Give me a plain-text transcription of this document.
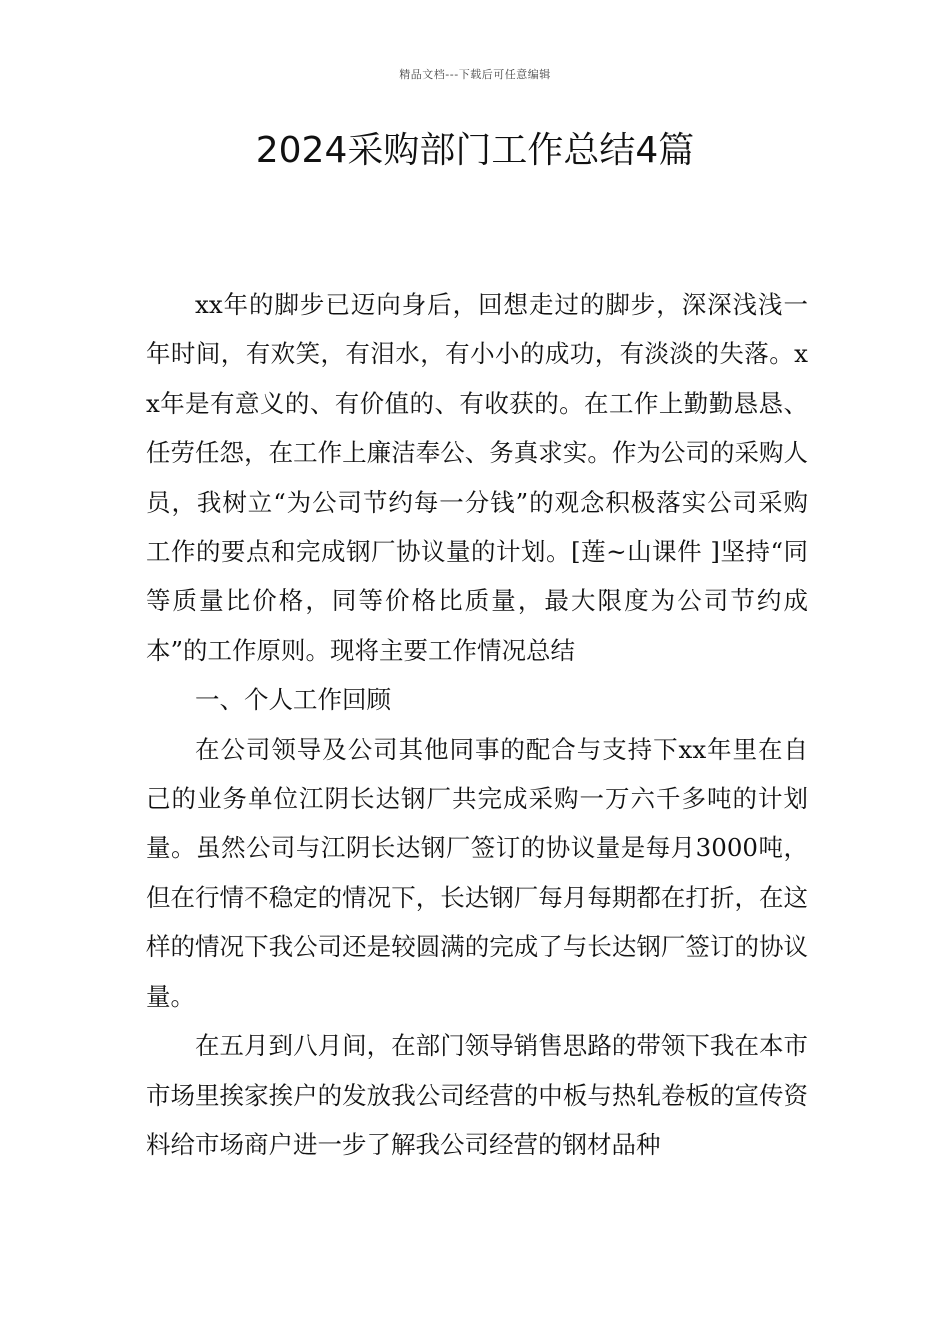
精品文档---下载后可任意编辑
2024采购部门工作总结4篇

xx年的脚步已迈向身后，回想走过的脚步，深深浅浅一年时间，有欢笑，有泪水，有小小的成功，有淡淡的失落。xx年是有意义的、有价值的、有收获的。在工作上勤勤恳恳、任劳任怨，在工作上廉洁奉公、务真求实。作为公司的采购人员，我树立“为公司节约每一分钱”的观念积极落实公司采购工作的要点和完成钢厂协议量的计划。[莲~山课件 ]坚持“同等质量比价格，同等价格比质量，最大限度为公司节约成本”的工作原则。现将主要工作情况总结

一、个人工作回顾

在公司领导及公司其他同事的配合与支持下xx年里在自己的业务单位江阴长达钢厂共完成采购一万六千多吨的计划量。虽然公司与江阴长达钢厂签订的协议量是每月3000吨，但在行情不稳定的情况下，长达钢厂每月每期都在打折，在这样的情况下我公司还是较圆满的完成了与长达钢厂签订的协议量。

在五月到八月间，在部门领导销售思路的带领下我在本市市场里挨家挨户的发放我公司经营的中板与热轧卷板的宣传资料给市场商户进一步了解我公司经营的钢材品种
